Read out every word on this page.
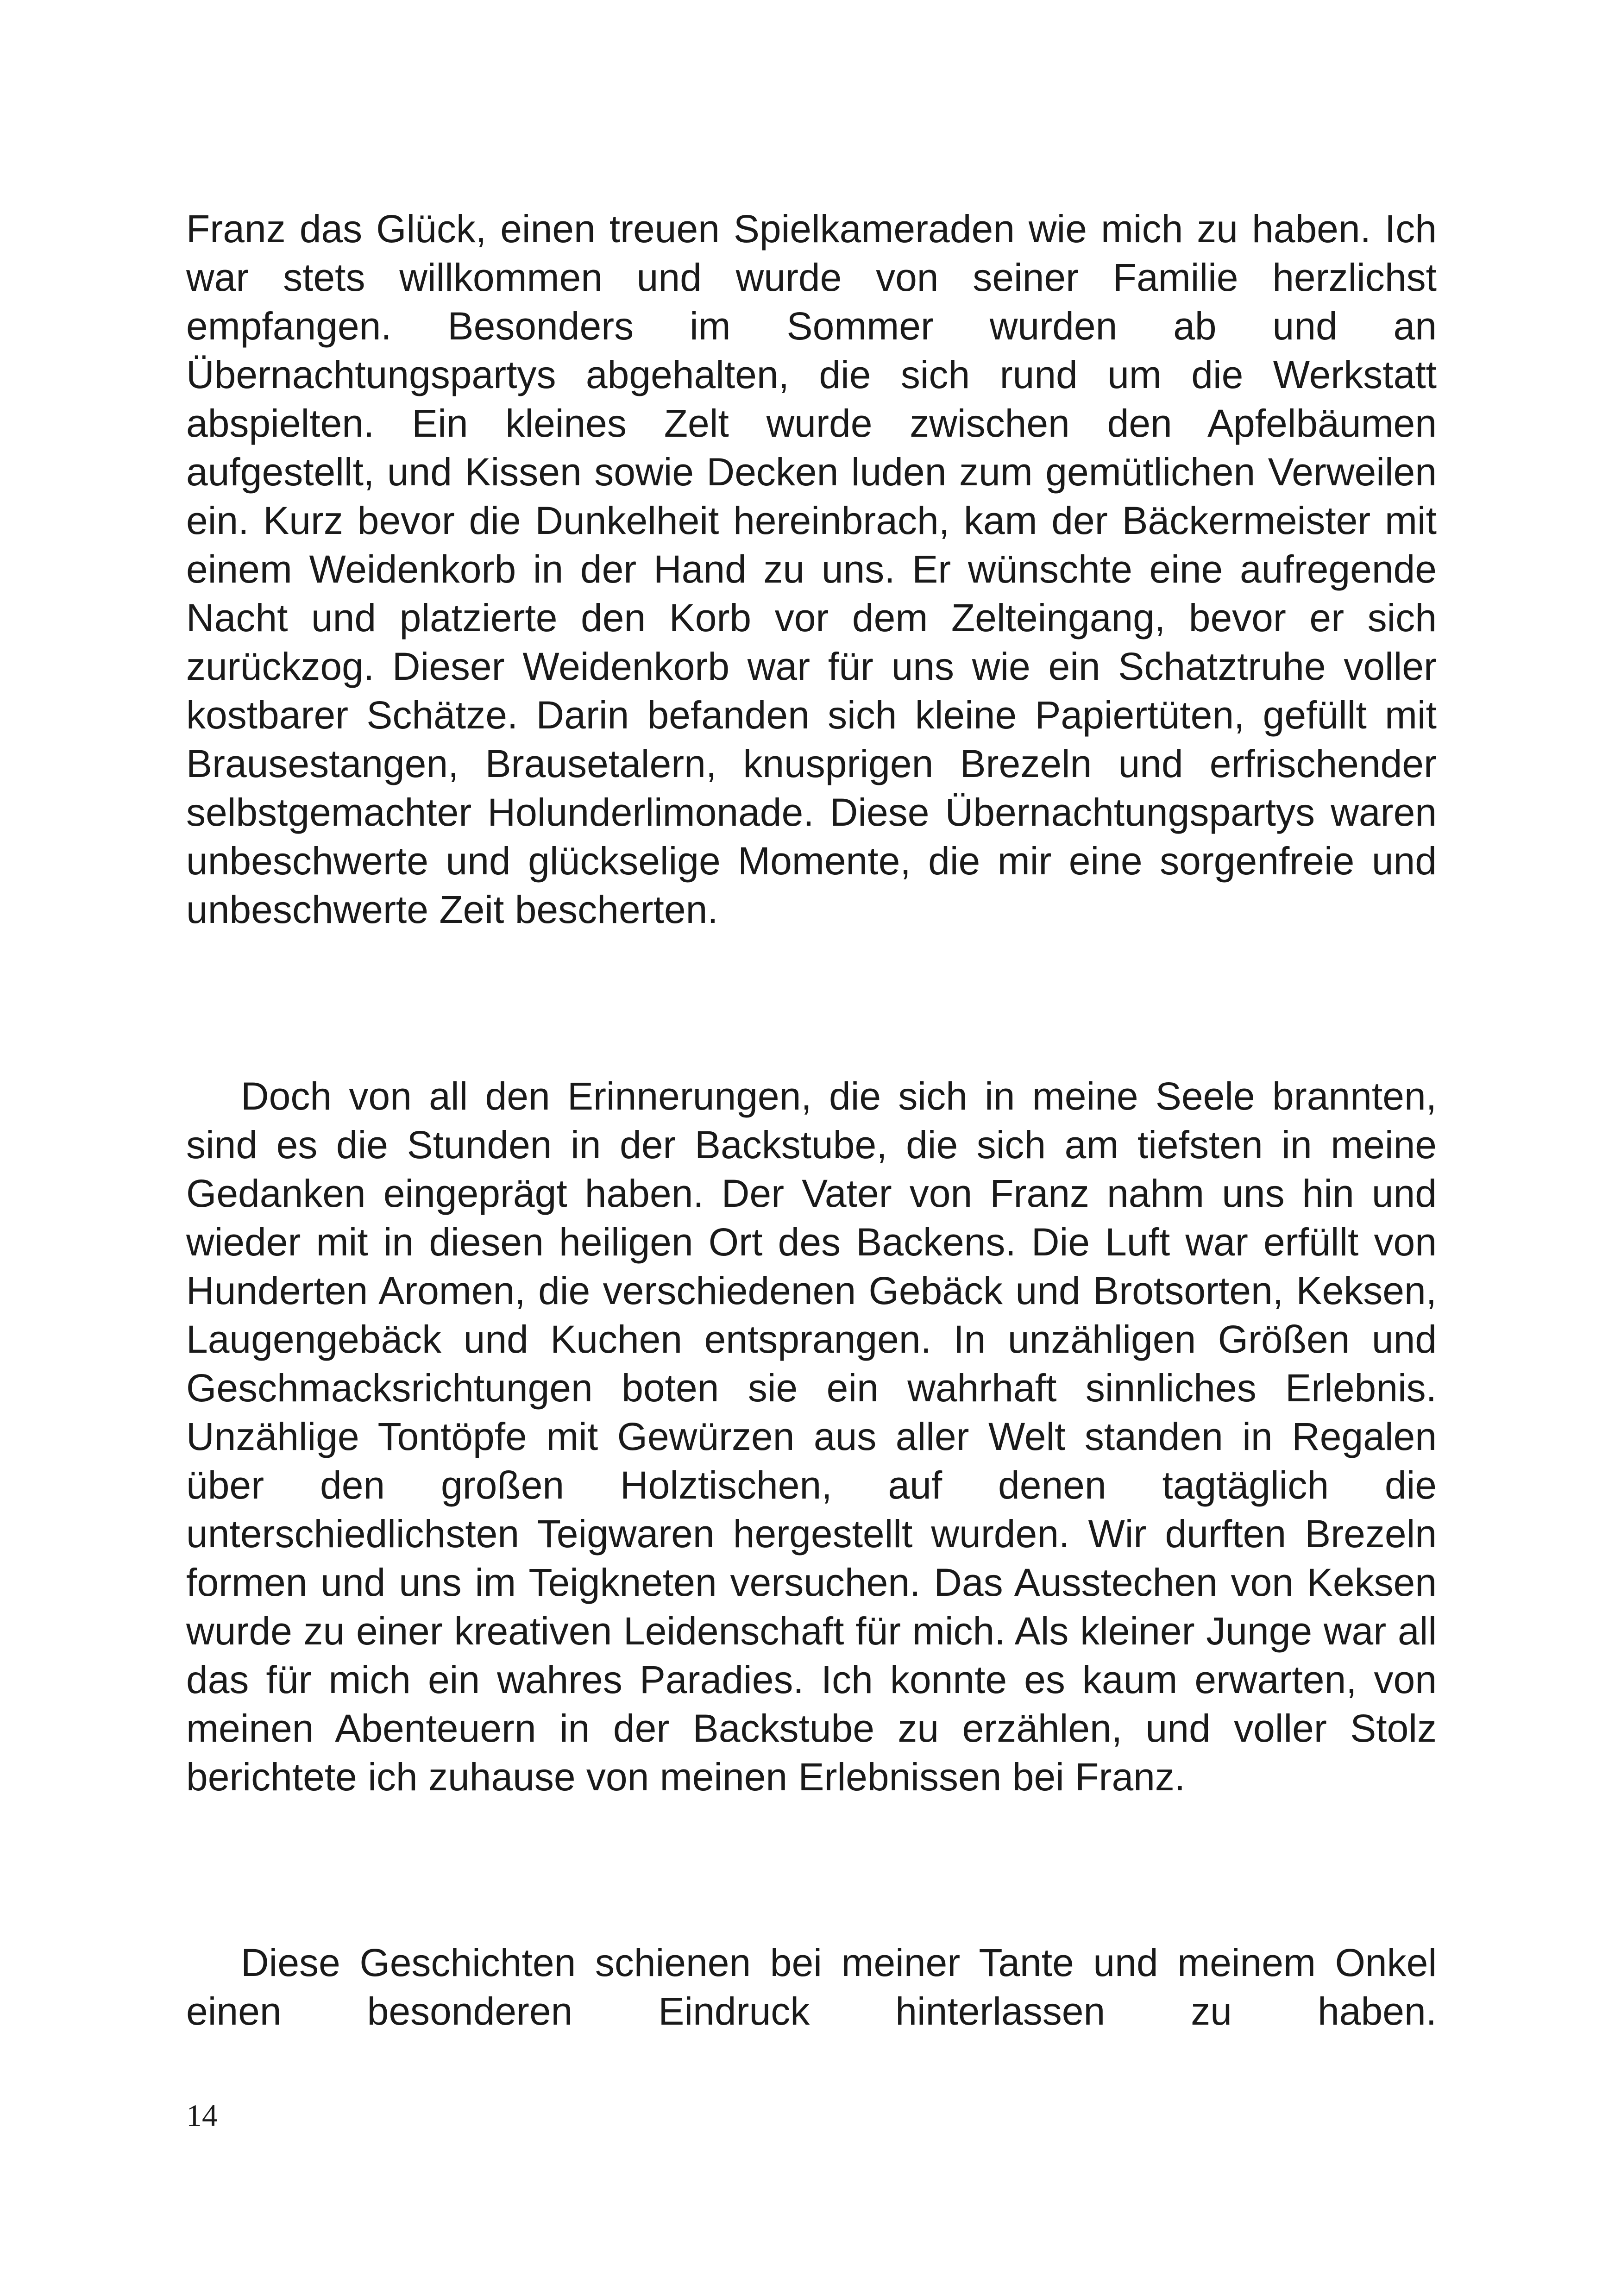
Franz das Glück, einen treuen Spielkameraden wie mich zu haben. Ich war stets willkommen und wurde von seiner Familie herzlichst empfangen. Besonders im Sommer wurden ab und an Übernachtungspartys abgehalten, die sich rund um die Werkstatt abspielten. Ein kleines Zelt wurde zwischen den Apfelbäumen aufgestellt, und Kissen sowie Decken luden zum gemütlichen Verweilen ein. Kurz bevor die Dunkelheit hereinbrach, kam der Bäckermeister mit einem Weidenkorb in der Hand zu uns. Er wünschte eine aufregende Nacht und platzierte den Korb vor dem Zelteingang, bevor er sich zurückzog. Dieser Weidenkorb war für uns wie ein Schatztruhe voller kostbarer Schätze. Darin befanden sich kleine Papiertüten, gefüllt mit Brausestangen, Brausetalern, knusprigen Brezeln und erfrischender selbstgemachter Holunderlimonade. Diese Übernachtungspartys waren unbeschwerte und glückselige Momente, die mir eine sorgenfreie und unbeschwerte Zeit bescherten.
Doch von all den Erinnerungen, die sich in meine Seele brannten, sind es die Stunden in der Backstube, die sich am tiefsten in meine Gedanken eingeprägt haben. Der Vater von Franz nahm uns hin und wieder mit in diesen heiligen Ort des Backens. Die Luft war erfüllt von Hunderten Aromen, die verschiedenen Gebäck und Brotsorten, Keksen, Laugengebäck und Kuchen entsprangen. In unzähligen Größen und Geschmacksrichtungen boten sie ein wahrhaft sinnliches Erlebnis. Unzählige Tontöpfe mit Gewürzen aus aller Welt standen in Regalen über den großen Holztischen, auf denen tagtäglich die unterschiedlichsten Teigwaren hergestellt wurden. Wir durften Brezeln formen und uns im Teigkneten versuchen. Das Ausstechen von Keksen wurde zu einer kreativen Leidenschaft für mich. Als kleiner Junge war all das für mich ein wahres Paradies. Ich konnte es kaum erwarten, von meinen Abenteuern in der Backstube zu erzählen, und voller Stolz berichtete ich zuhause von meinen Erlebnissen bei Franz.
Diese Geschichten schienen bei meiner Tante und meinem Onkel einen besonderen Eindruck hinterlassen zu haben.
14
